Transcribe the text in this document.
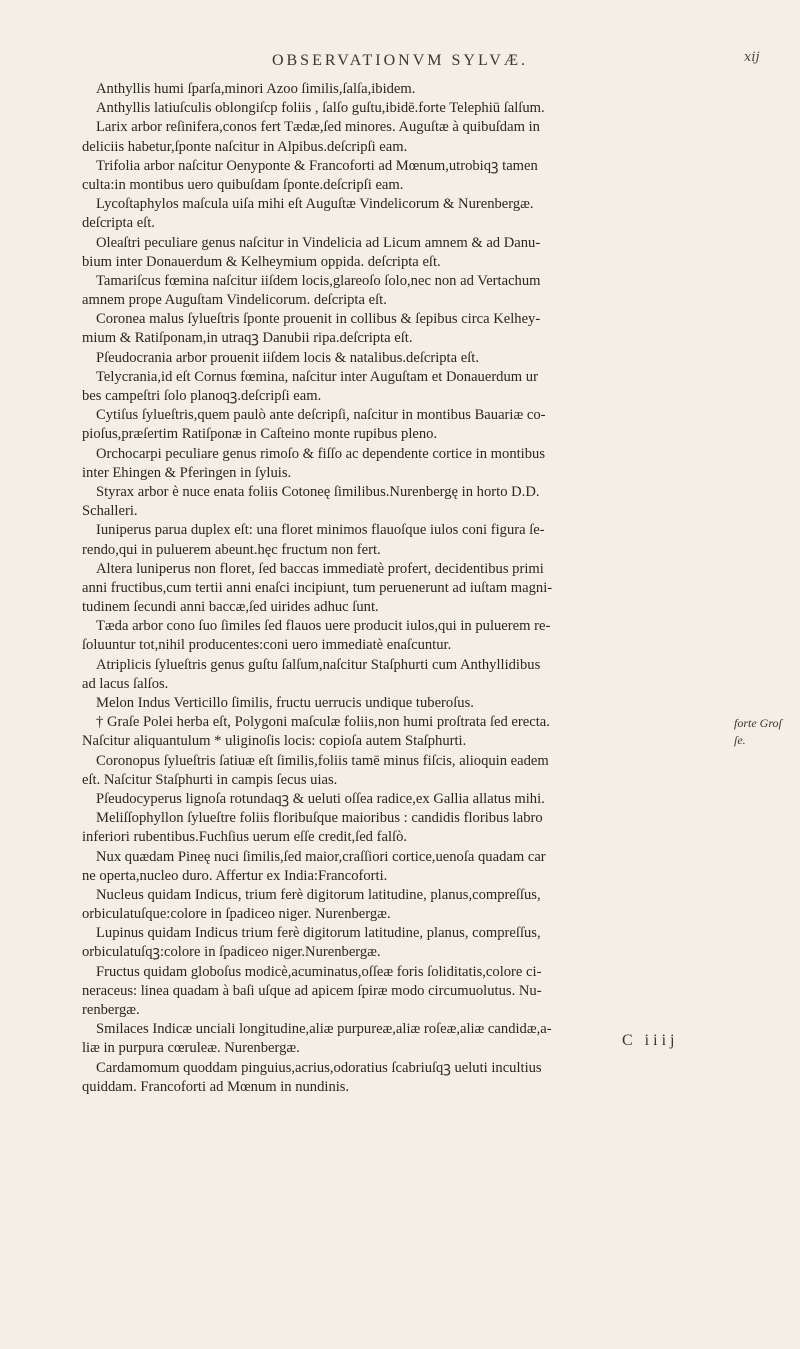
OBSERVATIONVM SYLVÆ.	xij
Anthyllis humi ſparſa,minori Azoo ſimilis,ſalſa,ibidem.
Anthyllis latiuſculis oblongiſcp foliis , ſalſo guſtu,ibidē.forte Telephiū ſalſum.
Larix arbor reſinifera,conos fert Tædæ,ſed minores. Auguſtæ à quibuſdam in
deliciis habetur,ſponte naſcitur in Alpibus.deſcripſi eam.
Trifolia arbor naſcitur Oenyponte & Francoforti ad Mœnum,utrobiqꝫ tamen
culta:in montibus uero quibuſdam ſponte.deſcripſi eam.
Lycoſtaphylos maſcula uiſa mihi eſt Auguſtæ Vindelicorum & Nurenbergæ.
deſcripta eſt.
Oleaſtri peculiare genus naſcitur in Vindelicia ad Licum amnem & ad Danu-
bium inter Donauerdum & Kelheymium oppida. deſcripta eſt.
Tamariſcus fœmina naſcitur iiſdem locis,glareoſo ſolo,nec non ad Vertachum
amnem prope Auguſtam Vindelicorum. deſcripta eſt.
Coronea malus ſylueſtris ſponte prouenit in collibus & ſepibus circa Kelhey-
mium & Ratiſponam,in utraqꝫ Danubii ripa.deſcripta eſt.
Pſeudocrania arbor prouenit iiſdem locis & natalibus.deſcripta eſt.
Telycrania,id eſt Cornus fœmina, naſcitur inter Auguſtam et Donauerdum ur
bes campeſtri ſolo planoqꝫ.deſcripſi eam.
Cytiſus ſylueſtris,quem paulò ante deſcripſi, naſcitur in montibus Bauariæ co-
pioſus,præſertim Ratiſponæ in Caſteino monte rupibus pleno.
Orchocarpi peculiare genus rimoſo & fiſſo ac dependente cortice in montibus
inter Ehingen & Pferingen in ſyluis.
Styrax arbor è nuce enata foliis Cotoneę ſimilibus.Nurenbergę in horto D.D.
Schalleri.
Iuniperus parua duplex eſt: una floret minimos flauoſque iulos coni figura ſe-
rendo,qui in puluerem abeunt.hęc fructum non fert.
Altera luniperus non floret, ſed baccas immediatè profert, decidentibus primi
anni fructibus,cum tertii anni enaſci incipiunt, tum peruenerunt ad iuſtam magni-
tudinem ſecundi anni baccæ,ſed uirides adhuc ſunt.
Tæda arbor cono ſuo ſimiles ſed flauos uere producit iulos,qui in puluerem re-
ſoluuntur tot,nihil producentes:coni uero immediatè enaſcuntur.
Atriplicis ſylueſtris genus guſtu ſalſum,naſcitur Staſphurti cum Anthyllidibus
ad lacus ſalſos.
Melon Indus Verticillo ſimilis, fructu uerrucis undique tuberoſus.
† Graſe Polei herba eſt, Polygoni maſculæ foliis,non humi proſtrata ſed erecta.
Naſcitur aliquantulum * uliginoſis locis: copioſa autem Staſphurti.
Coronopus ſylueſtris ſatiuæ eſt ſimilis,foliis tamē minus fiſcis, alioquin eadem
eſt. Naſcitur Staſphurti in campis ſecus uias.
Pſeudocyperus lignoſa rotundaqꝫ & ueluti oſſea radice,ex Gallia allatus mihi.
Meliſſophyllon ſylueſtre foliis floribuſque maioribus : candidis floribus labro
inferiori rubentibus.Fuchſius uerum eſſe credit,ſed falſò.
Nux quædam Pineę nuci ſimilis,ſed maior,craſſiori cortice,uenoſa quadam car
ne operta,nucleo duro. Affertur ex India:Francoforti.
Nucleus quidam Indicus, trium ferè digitorum latitudine, planus,compreſſus,
orbiculatuſque:colore in ſpadiceo niger. Nurenbergæ.
Lupinus quidam Indicus trium ferè digitorum latitudine, planus, compreſſus,
orbiculatuſqꝫ:colore in ſpadiceo niger.Nurenbergæ.
Fructus quidam globoſus modicè,acuminatus,oſſeæ foris ſoliditatis,colore ci-
neraceus: linea quadam à baſi uſque ad apicem ſpiræ modo circumuolutus. Nu-
renbergæ.
Smilaces Indicæ unciali longitudine,aliæ purpureæ,aliæ roſeæ,aliæ candidæ,a-
liæ in purpura cœruleæ. Nurenbergæ.
Cardamomum quoddam pinguius,acrius,odoratius ſcabriuſqꝫ ueluti incultius
quiddam. Francoforti ad Mœnum in nundinis.
forte Groſ
ſe.
C iiij
